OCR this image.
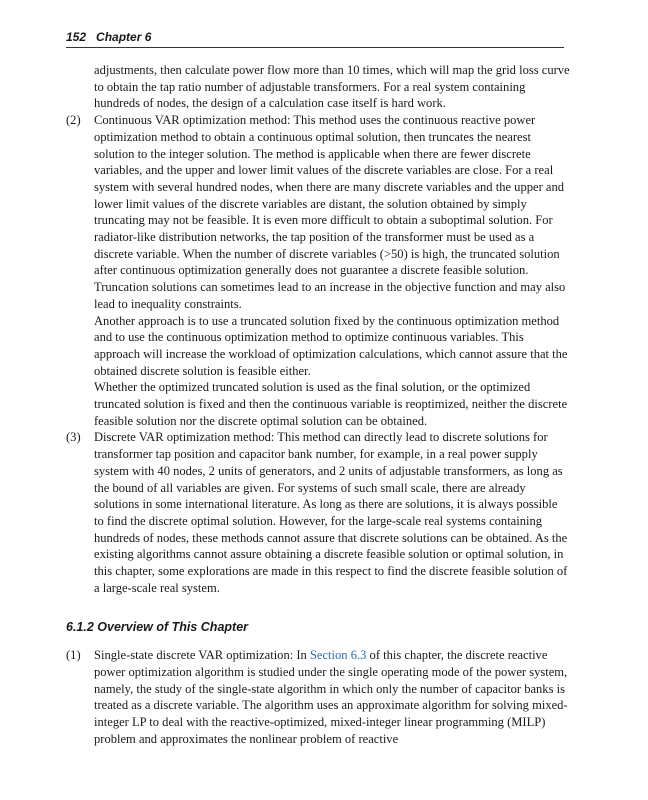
152 Chapter 6

adjustments, then calculate power flow more than 10 times, which will map the grid loss curve to obtain the tap ratio number of adjustable transformers. For a real system containing hundreds of nodes, the design of a calculation case itself is hard work.

(2) Continuous VAR optimization method: This method uses the continuous reactive power optimization method to obtain a continuous optimal solution, then truncates the nearest solution to the integer solution. The method is applicable when there are fewer discrete variables, and the upper and lower limit values of the discrete variables are close. For a real system with several hundred nodes, when there are many discrete variables and the upper and lower limit values of the discrete variables are distant, the solution obtained by simply truncating may not be feasible. It is even more difficult to obtain a suboptimal solution. For radiator-like distribution networks, the tap position of the transformer must be used as a discrete variable. When the number of discrete variables (>50) is high, the truncated solution after continuous optimization generally does not guarantee a discrete feasible solution. Truncation solutions can sometimes lead to an increase in the objective function and may also lead to inequality constraints.

Another approach is to use a truncated solution fixed by the continuous optimization method and to use the continuous optimization method to optimize continuous variables. This approach will increase the workload of optimization calculations, which cannot assure that the obtained discrete solution is feasible either.

Whether the optimized truncated solution is used as the final solution, or the optimized truncated solution is fixed and then the continuous variable is reoptimized, neither the discrete feasible solution nor the discrete optimal solution can be obtained.

(3) Discrete VAR optimization method: This method can directly lead to discrete solutions for transformer tap position and capacitor bank number, for example, in a real power supply system with 40 nodes, 2 units of generators, and 2 units of adjustable transformers, as long as the bound of all variables are given. For systems of such small scale, there are already solutions in some international literature. As long as there are solutions, it is always possible to find the discrete optimal solution. However, for the large-scale real systems containing hundreds of nodes, these methods cannot assure that discrete solutions can be obtained. As the existing algorithms cannot assure obtaining a discrete feasible solution or optimal solution, in this chapter, some explorations are made in this respect to find the discrete feasible solution of a large-scale real system.

6.1.2 Overview of This Chapter
(1) Single-state discrete VAR optimization: In Section 6.3 of this chapter, the discrete reactive power optimization algorithm is studied under the single operating mode of the power system, namely, the study of the single-state algorithm in which only the number of capacitor banks is treated as a discrete variable. The algorithm uses an approximate algorithm for solving mixed-integer LP to deal with the reactive-optimized, mixed-integer linear programming (MILP) problem and approximates the nonlinear problem of reactive
